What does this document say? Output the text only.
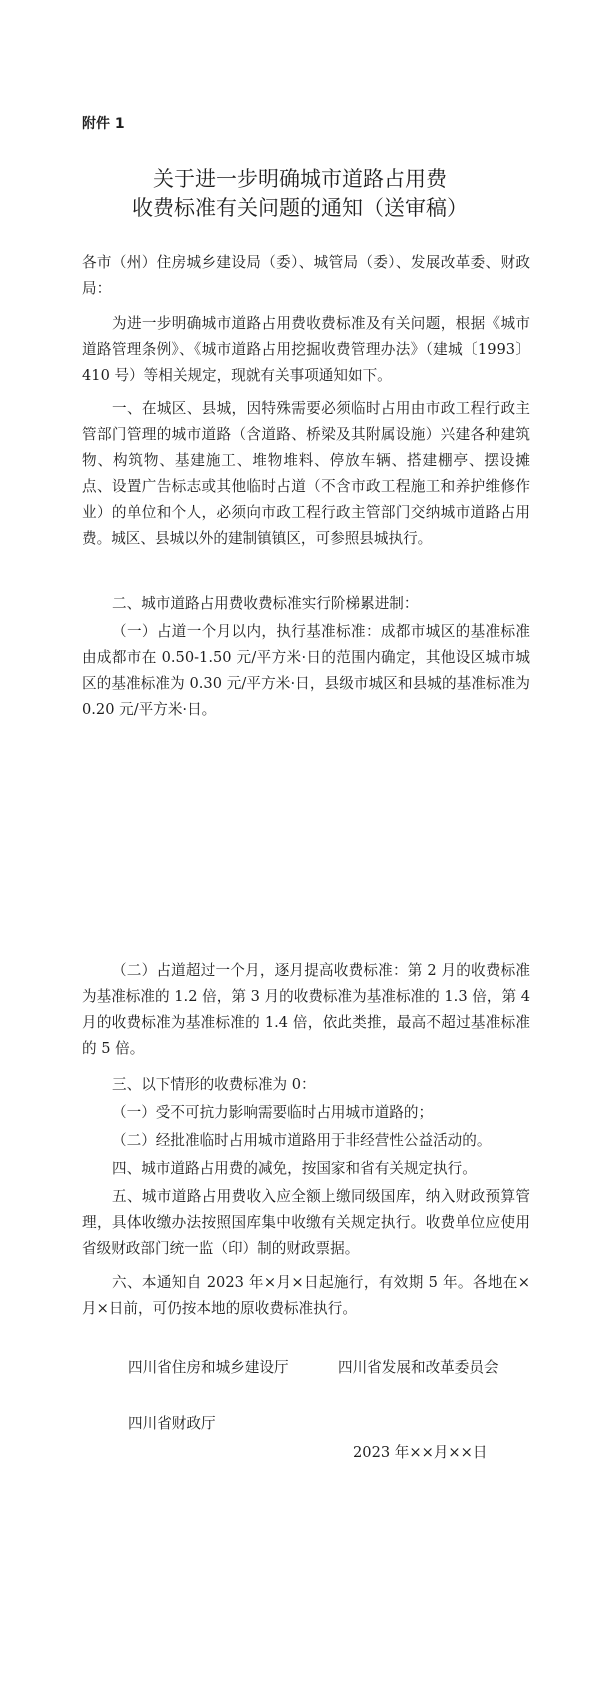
附件 1
关于进一步明确城市道路占用费
收费标准有关问题的通知（送审稿）
各市（州）住房城乡建设局（委）、城管局（委）、发展改革委、财政局：
为进一步明确城市道路占用费收费标准及有关问题，根据《城市道路管理条例》、《城市道路占用挖掘收费管理办法》（建城〔1993〕410 号）等相关规定，现就有关事项通知如下。
一、在城区、县城，因特殊需要必须临时占用由市政工程行政主管部门管理的城市道路（含道路、桥梁及其附属设施）兴建各种建筑物、构筑物、基建施工、堆物堆料、停放车辆、搭建棚亭、摆设摊点、设置广告标志或其他临时占道（不含市政工程施工和养护维修作业）的单位和个人，必须向市政工程行政主管部门交纳城市道路占用费。城区、县城以外的建制镇镇区，可参照县城执行。
二、城市道路占用费收费标准实行阶梯累进制：
（一）占道一个月以内，执行基准标准：成都市城区的基准标准由成都市在 0.50-1.50 元/平方米·日的范围内确定，其他设区城市城区的基准标准为 0.30 元/平方米·日，县级市城区和县城的基准标准为 0.20 元/平方米·日。
（二）占道超过一个月，逐月提高收费标准：第 2 月的收费标准为基准标准的 1.2 倍，第 3 月的收费标准为基准标准的 1.3 倍，第 4 月的收费标准为基准标准的 1.4 倍，依此类推，最高不超过基准标准的 5 倍。
三、以下情形的收费标准为 0：
（一）受不可抗力影响需要临时占用城市道路的；
（二）经批准临时占用城市道路用于非经营性公益活动的。
四、城市道路占用费的减免，按国家和省有关规定执行。
五、城市道路占用费收入应全额上缴同级国库，纳入财政预算管理，具体收缴办法按照国库集中收缴有关规定执行。收费单位应使用省级财政部门统一监（印）制的财政票据。
六、本通知自 2023 年×月×日起施行，有效期 5 年。各地在×月×日前，可仍按本地的原收费标准执行。
四川省住房和城乡建设厅	四川省发展和改革委员会
四川省财政厅
2023 年××月××日
